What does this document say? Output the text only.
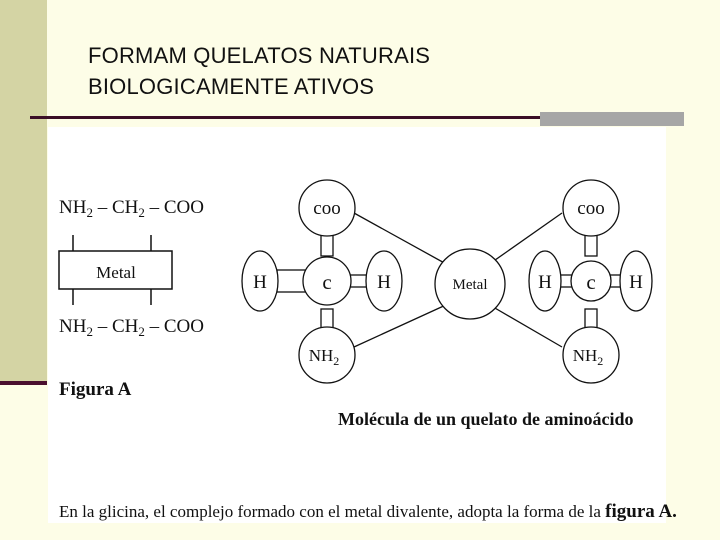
FORMAM QUELATOS NATURAIS
BIOLOGICAMENTE ATIVOS
$NH_2 - CH_2$ – COO
Metal
$NH_2 - CH_2$ – COO
Figura A
coo
c
H	H
$NH_2$
Metal
coo
c
H	H
$NH_2$
Molécula de un quelato de aminoácido
En la glicina, el complejo formado con el metal divalente, adopta la forma de la figura A.
